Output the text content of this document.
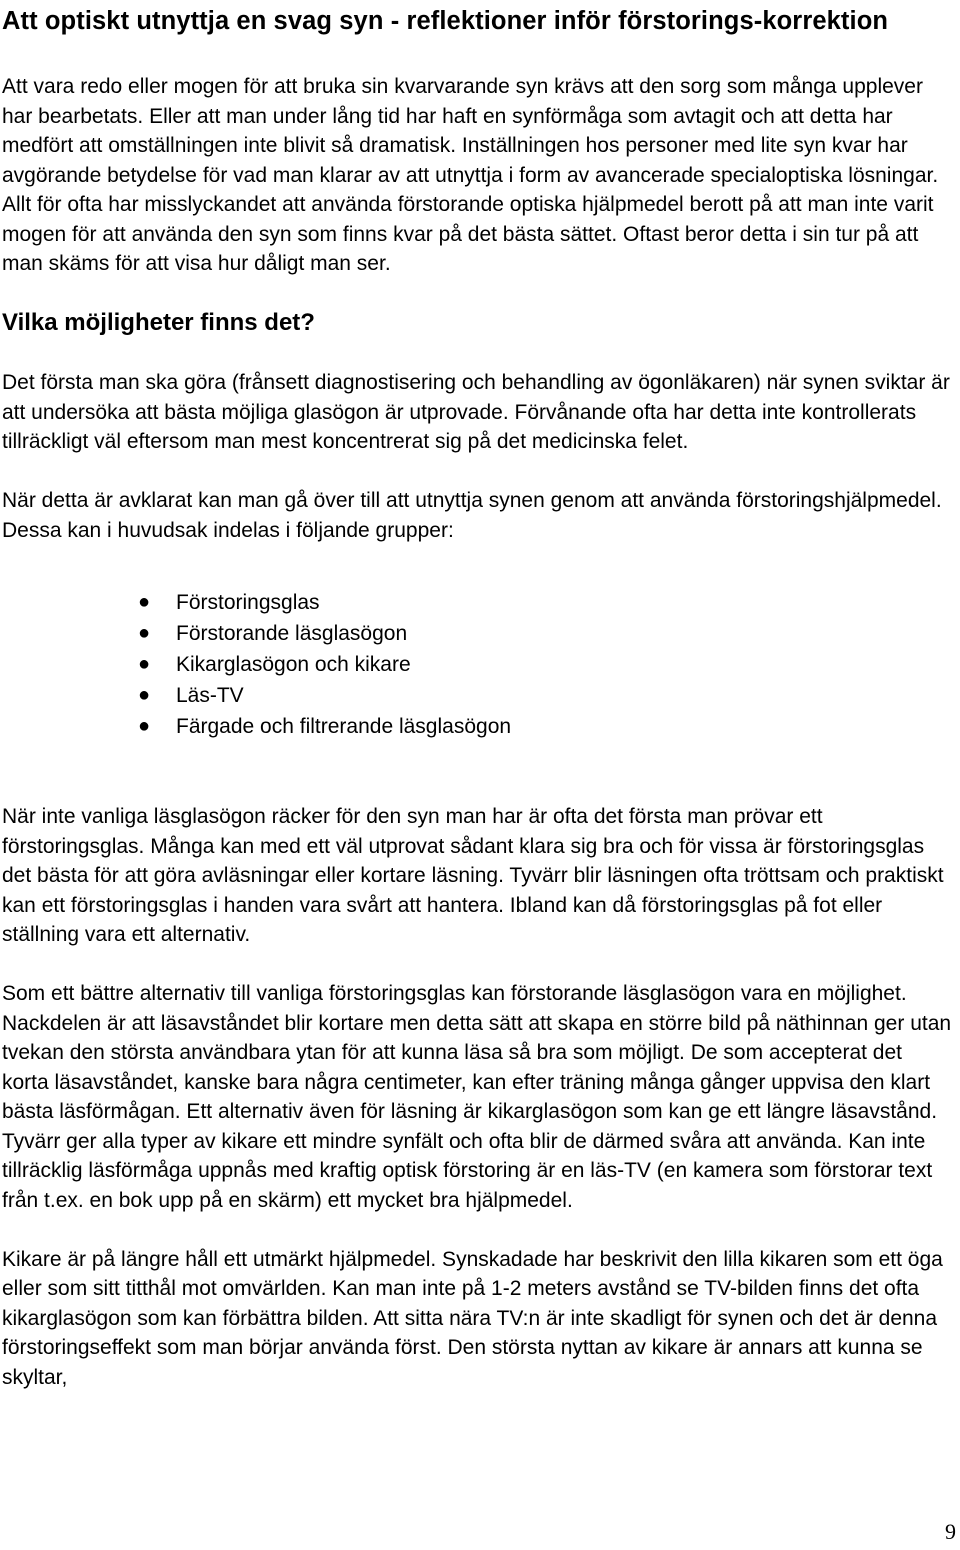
Att optiskt utnyttja en svag syn - reflektioner inför förstorings-korrektion

Att vara redo eller mogen för att bruka sin kvarvarande syn krävs att den sorg som många upplever har bearbetats. Eller att man under lång tid har haft en synförmåga som avtagit och att detta har medfört att omställningen inte blivit så dramatisk. Inställningen hos personer med lite syn kvar har avgörande betydelse för vad man klarar av att utnyttja i form av avancerade specialoptiska lösningar. Allt för ofta har misslyckandet att använda förstorande optiska hjälpmedel berott på att man inte varit mogen för att använda den syn som finns kvar på det bästa sättet. Oftast beror detta i sin tur på att man skäms för att visa hur dåligt man ser.

Vilka möjligheter finns det?

Det första man ska göra (frånsett diagnostisering och behandling av ögonläkaren) när synen sviktar är att undersöka att bästa möjliga glasögon är utprovade. Förvånande ofta har detta inte kontrollerats tillräckligt väl eftersom man mest koncentrerat sig på det medicinska felet.

När detta är avklarat kan man gå över till att utnyttja synen genom att använda förstoringshjälpmedel. Dessa kan i huvudsak indelas i följande grupper:

● Förstoringsglas
● Förstorande läsglasögon
● Kikarglasögon och kikare
● Läs-TV
● Färgade och filtrerande läsglasögon

När inte vanliga läsglasögon räcker för den syn man har är ofta det första man prövar ett förstoringsglas. Många kan med ett väl utprovat sådant klara sig bra och för vissa är förstoringsglas det bästa för att göra avläsningar eller kortare läsning. Tyvärr blir läsningen ofta tröttsam och praktiskt kan ett förstoringsglas i handen vara svårt att hantera. Ibland kan då förstoringsglas på fot eller ställning vara ett alternativ.

Som ett bättre alternativ till vanliga förstoringsglas kan förstorande läsglasögon vara en möjlighet. Nackdelen är att läsavståndet blir kortare men detta sätt att skapa en större bild på näthinnan ger utan tvekan den största användbara ytan för att kunna läsa så bra som möjligt. De som accepterat det korta läsavståndet, kanske bara några centimeter, kan efter träning många gånger uppvisa den klart bästa läsförmågan. Ett alternativ även för läsning är kikarglasögon som kan ge ett längre läsavstånd. Tyvärr ger alla typer av kikare ett mindre synfält och ofta blir de därmed svåra att använda. Kan inte tillräcklig läsförmåga uppnås med kraftig optisk förstoring är en läs-TV (en kamera som förstorar text från t.ex. en bok upp på en skärm) ett mycket bra hjälpmedel.

Kikare är på längre håll ett utmärkt hjälpmedel. Synskadade har beskrivit den lilla kikaren som ett öga eller som sitt titthål mot omvärlden. Kan man inte på 1-2 meters avstånd se TV-bilden finns det ofta kikarglasögon som kan förbättra bilden. Att sitta nära TV:n är inte skadligt för synen och det är denna förstoringseffekt som man börjar använda först. Den största nyttan av kikare är annars att kunna se skyltar,

9
